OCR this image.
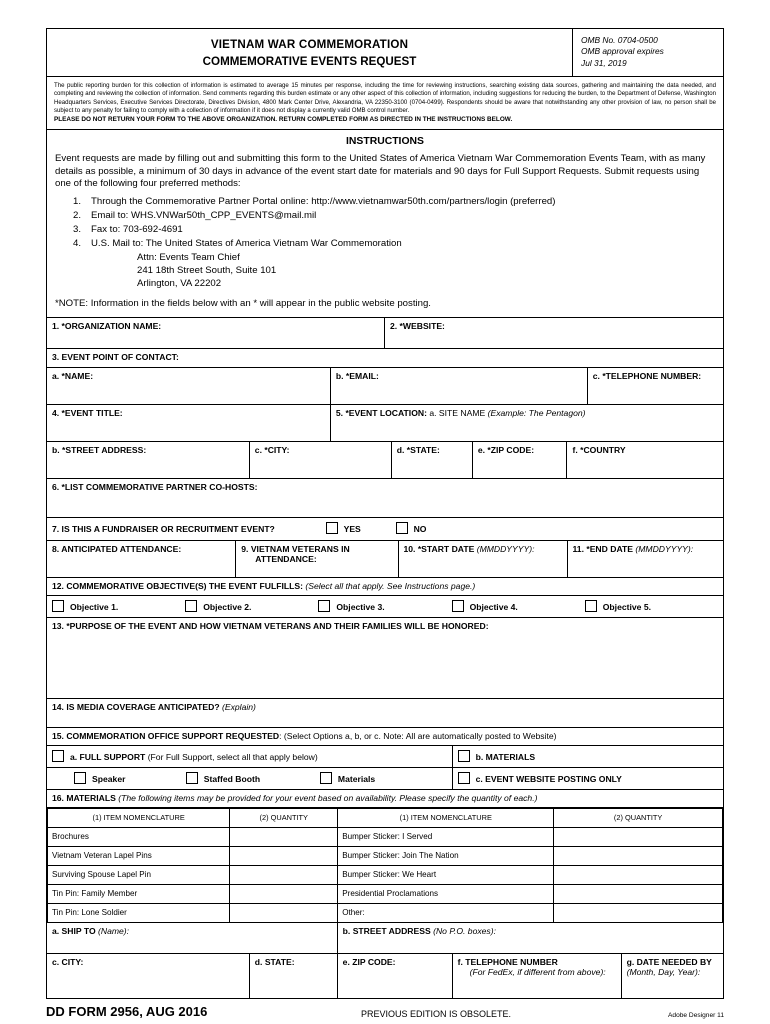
VIETNAM WAR COMMEMORATION
COMMEMORATIVE EVENTS REQUEST
OMB No. 0704-0500
OMB approval expires
Jul 31, 2019
The public reporting burden for this collection of information is estimated to average 15 minutes per response, including the time for reviewing instructions, searching existing data sources, gathering and maintaining the data needed, and completing and reviewing the collection of information. Send comments regarding this burden estimate or any other aspect of this collection of information, including suggestions for reducing the burden, to the Department of Defense, Washington Headquarters Services, Executive Services Directorate, Directives Division, 4800 Mark Center Drive, Alexandria, VA 22350-3100 (0704-0499). Respondents should be aware that notwithstanding any other provision of law, no person shall be subject to any penalty for failing to comply with a collection of information if it does not display a currently valid OMB control number.
PLEASE DO NOT RETURN YOUR FORM TO THE ABOVE ORGANIZATION. RETURN COMPLETED FORM AS DIRECTED IN THE INSTRUCTIONS BELOW.
INSTRUCTIONS

Event requests are made by filling out and submitting this form to the United States of America Vietnam War Commemoration Events Team, with as many details as possible, a minimum of 30 days in advance of the event start date for materials and 90 days for Full Support Requests. Submit requests using one of the following four preferred methods:

1.	Through the Commemorative Partner Portal online: http://www.vietnamwar50th.com/partners/login (preferred)
2.	Email to: WHS.VNWar50th_CPP_EVENTS@mail.mil
3.	Fax to: 703-692-4691
4.	U.S. Mail to: The United States of America Vietnam War Commemoration
Attn: Events Team Chief
241 18th Street South, Suite 101
Arlington, VA 22202
*NOTE: Information in the fields below with an * will appear in the public website posting.
1. *ORGANIZATION NAME:	2. *WEBSITE:
3. EVENT POINT OF CONTACT:
a. *NAME:	b. *EMAIL:	c. *TELEPHONE NUMBER:
4. *EVENT TITLE:	5. *EVENT LOCATION: a. SITE NAME (Example: The Pentagon)
b. *STREET ADDRESS:	c. *CITY:	d. *STATE:	e. *ZIP CODE:	f. *COUNTRY
6. *LIST COMMEMORATIVE PARTNER CO-HOSTS:
7. IS THIS A FUNDRAISER OR RECRUITMENT EVENT?	YES	NO
8. ANTICIPATED ATTENDANCE:	9. VIETNAM VETERANS IN
ATTENDANCE:
10. *START DATE (MMDDYYYY):	11. *END DATE (MMDDYYYY):
12. COMMEMORATIVE OBJECTIVE(S) THE EVENT FULFILLS: (Select all that apply. See Instructions page.)
Objective 1.	Objective 2.	Objective 3.	Objective 4.	Objective 5.
13. *PURPOSE OF THE EVENT AND HOW VIETNAM VETERANS AND THEIR FAMILIES WILL BE HONORED:
14. IS MEDIA COVERAGE ANTICIPATED? (Explain)
15. COMMEMORATION OFFICE SUPPORT REQUESTED: (Select Options a, b, or c. Note: All are automatically posted to Website)
a. FULL SUPPORT (For Full Support, select all that apply below)	b. MATERIALS
Speaker	Staffed Booth	Materials	c. EVENT WEBSITE POSTING ONLY
16. MATERIALS (The following items may be provided for your event based on availability. Please specify the quantity of each.)
(1) ITEM NOMENCLATURE	(2) QUANTITY	(1) ITEM NOMENCLATURE	(2) QUANTITY
Brochures		Bumper Sticker: I Served	
Vietnam Veteran Lapel Pins		Bumper Sticker: Join The Nation	
Surviving Spouse Lapel Pin		Bumper Sticker: We Heart	
Tin Pin: Family Member		Presidential Proclamations	
Tin Pin: Lone Soldier		Other:	
a. SHIP TO (Name):	b. STREET ADDRESS (No P.O. boxes):
c. CITY:	d. STATE:	e. ZIP CODE:	f. TELEPHONE NUMBER
(For FedEx, if different from above):
g. DATE NEEDED BY
(Month, Day, Year):
DD FORM 2956, AUG 2016	PREVIOUS EDITION IS OBSOLETE.	Adobe Designer 11
